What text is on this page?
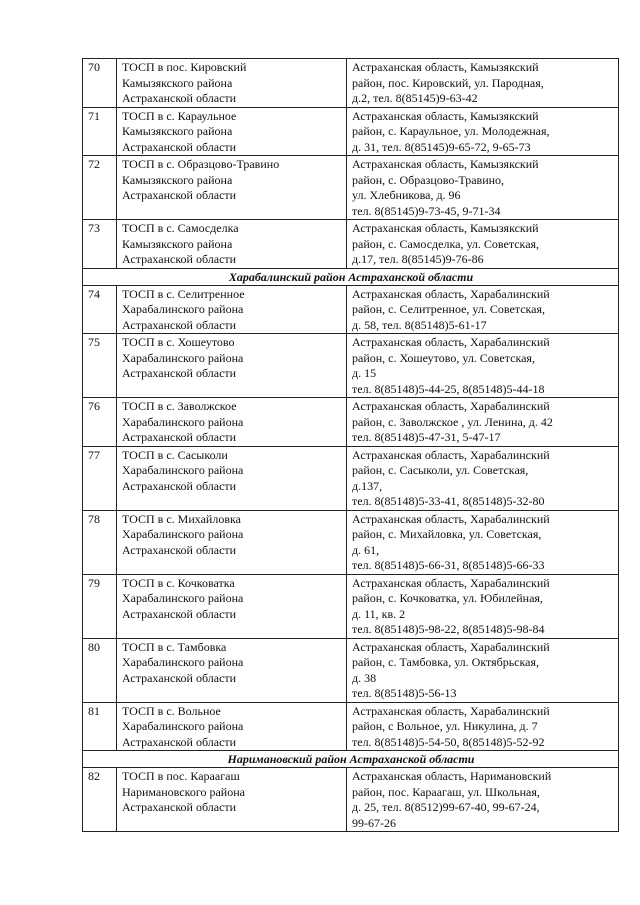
70	ТОСП в пос. Кировский
Камызякского района
Астраханской области	Астраханская область, Камызякский
район, пос. Кировский, ул. Пародная,
д.2, тел. 8(85145)9-63-42

71	ТОСП в с. Караульное
Камызякского района
Астраханской области	Астраханская область, Камызякский
район, с. Караульное, ул. Молодежная,
д. 31, тел. 8(85145)9-65-72, 9-65-73

72	ТОСП в с. Образцово-Травино
Камызякского района
Астраханской области	Астраханская область, Камызякский
район, с. Образцово-Травино,
ул. Хлебникова, д. 96
тел. 8(85145)9-73-45, 9-71-34

73	ТОСП в с. Самосделка
Камызякского района
Астраханской области	Астраханская область, Камызякский
район, с. Самосделка, ул. Советская,
д.17, тел. 8(85145)9-76-86

Харабалинский район Астраханской области		
74	ТОСП в с. Селитренное
Харабалинского района
Астраханской области	Астраханская область, Харабалинский
район, с. Селитренное, ул. Советская,
д. 58, тел. 8(85148)5-61-17

75	ТОСП в с. Хошеутово
Харабалинского района
Астраханской области	Астраханская область, Харабалинский
район, с. Хошеутово, ул. Советская,
д. 15
тел. 8(85148)5-44-25, 8(85148)5-44-18

76	ТОСП в с. Заволжское
Харабалинского района
Астраханской области	Астраханская область, Харабалинский
район, с. Заволжское , ул. Ленина, д. 42
тел. 8(85148)5-47-31, 5-47-17

77	ТОСП в с. Сасыколи
Харабалинского района
Астраханской области	Астраханская область, Харабалинский
район, с. Сасыколи, ул. Советская,
д.137,
тел. 8(85148)5-33-41, 8(85148)5-32-80

78	ТОСП в с. Михайловка
Харабалинского района
Астраханской области	Астраханская область, Харабалинский
район, с. Михайловка, ул. Советская,
д. 61,
тел. 8(85148)5-66-31, 8(85148)5-66-33

79	ТОСП в с. Кочковатка
Харабалинского района
Астраханской области	Астраханская область, Харабалинский
район, с. Кочковатка, ул. Юбилейная,
д. 11, кв. 2
тел. 8(85148)5-98-22, 8(85148)5-98-84

80	ТОСП в с. Тамбовка
Харабалинского района
Астраханской области	Астраханская область, Харабалинский
район, с. Тамбовка, ул. Октябрьская,
д. 38
тел. 8(85148)5-56-13

81	ТОСП в с. Вольное
Харабалинского района
Астраханской области	Астраханская область, Харабалинский
район, с Вольное, ул. Никулина, д. 7
тел. 8(85148)5-54-50, 8(85148)5-52-92

Наримановский район Астраханской области		
82	ТОСП в пос. Караагаш
Наримановского района
Астраханской области	Астраханская область, Наримановский
район, пос. Караагаш, ул. Школьная,
д. 25, тел. 8(8512)99-67-40, 99-67-24,
99-67-26
